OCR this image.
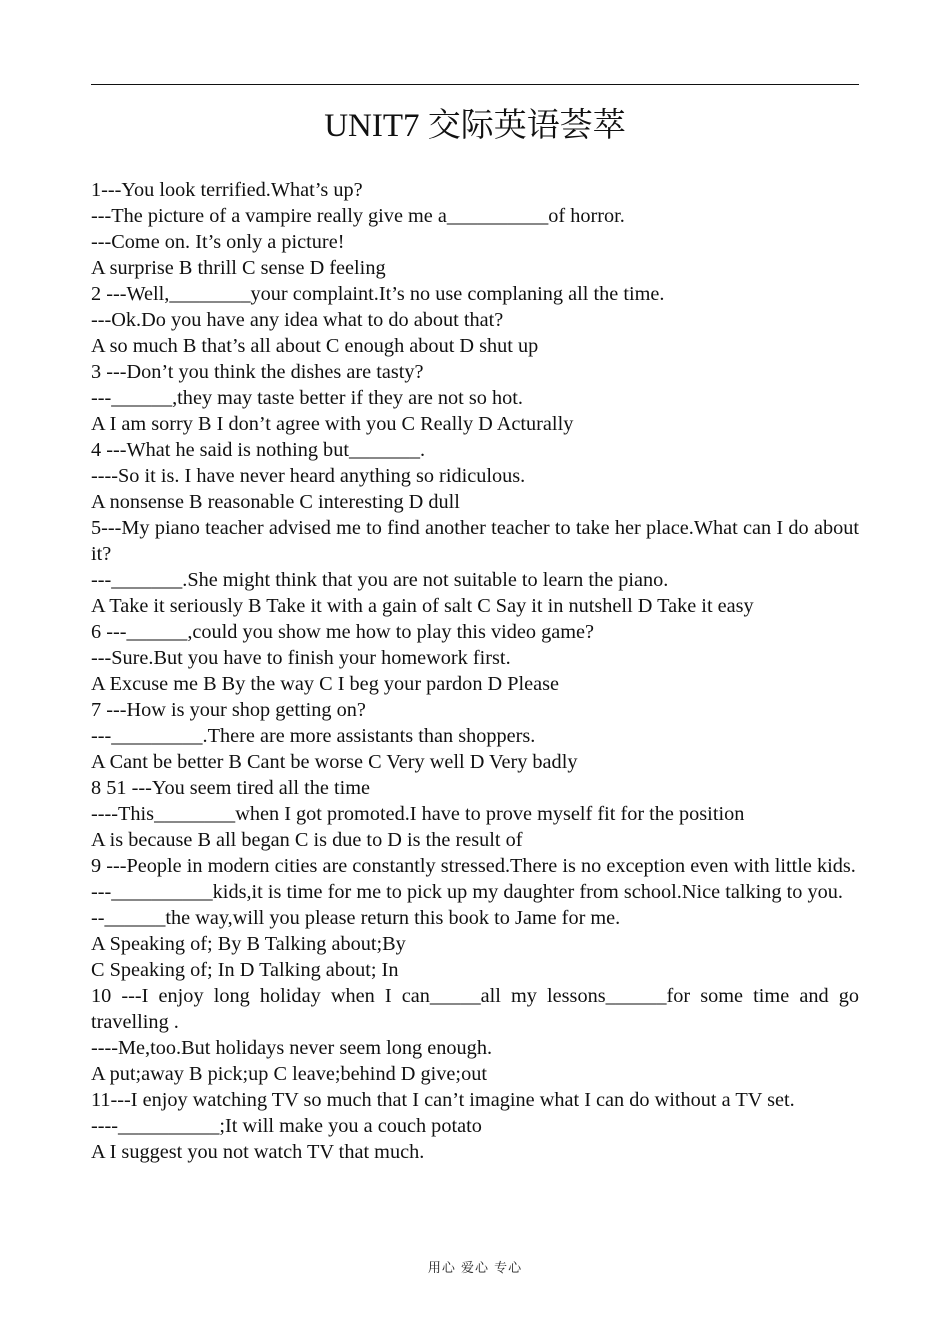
UNIT7 交际英语荟萃

1---You look terrified.What’s up?

---The picture of a vampire really give me a__________of horror.

---Come on. It’s only a picture!

A surprise B thrill C sense D feeling

2 ---Well,________your complaint.It’s no use complaning all the time.

---Ok.Do you have any idea what to do about that?

A so much B that’s all about C enough about D shut up

3 ---Don’t you think the dishes are tasty?

---______,they may taste better if they are not so hot.

A I am sorry B I don’t agree with you C Really D Acturally

4 ---What he said is nothing but_______.

----So it is. I have never heard anything so ridiculous.

A nonsense B reasonable C interesting D dull

5---My piano teacher advised me to find another teacher to take her place.What can I do about it?

---_______.She might think that you are not suitable to learn the piano.

A Take it seriously B Take it with a gain of salt C Say it in nutshell D Take it easy

6 ---______,could you show me how to play this video game?

---Sure.But you have to finish your homework first.

A Excuse me B By the way C I beg your pardon D Please

7 ---How is your shop getting on?

---_________.There are more assistants than shoppers.

A Cant be better B Cant be worse C Very well D Very badly

8 51 ---You seem tired all the time

----This________when I got promoted.I have to prove myself fit for the position

A is because B all began C is due to D is the result of

9 ---People in modern cities are constantly stressed.There is no exception even with little kids.

---__________kids,it is time for me to pick up my daughter from school.Nice talking to you.

--______the way,will you please return this book to Jame for me.

A Speaking of; By B Talking about;By

C Speaking of; In D Talking about; In

10 ---I enjoy long holiday when I can_____all my lessons______for some time and go travelling .

----Me,too.But holidays never seem long enough.

A put;away B pick;up C leave;behind D give;out

11---I enjoy watching TV so much that I can’t imagine what I can do without a TV set.

----__________;It will make you a couch potato

A I suggest you not watch TV that much.

用心 爱心 专心
